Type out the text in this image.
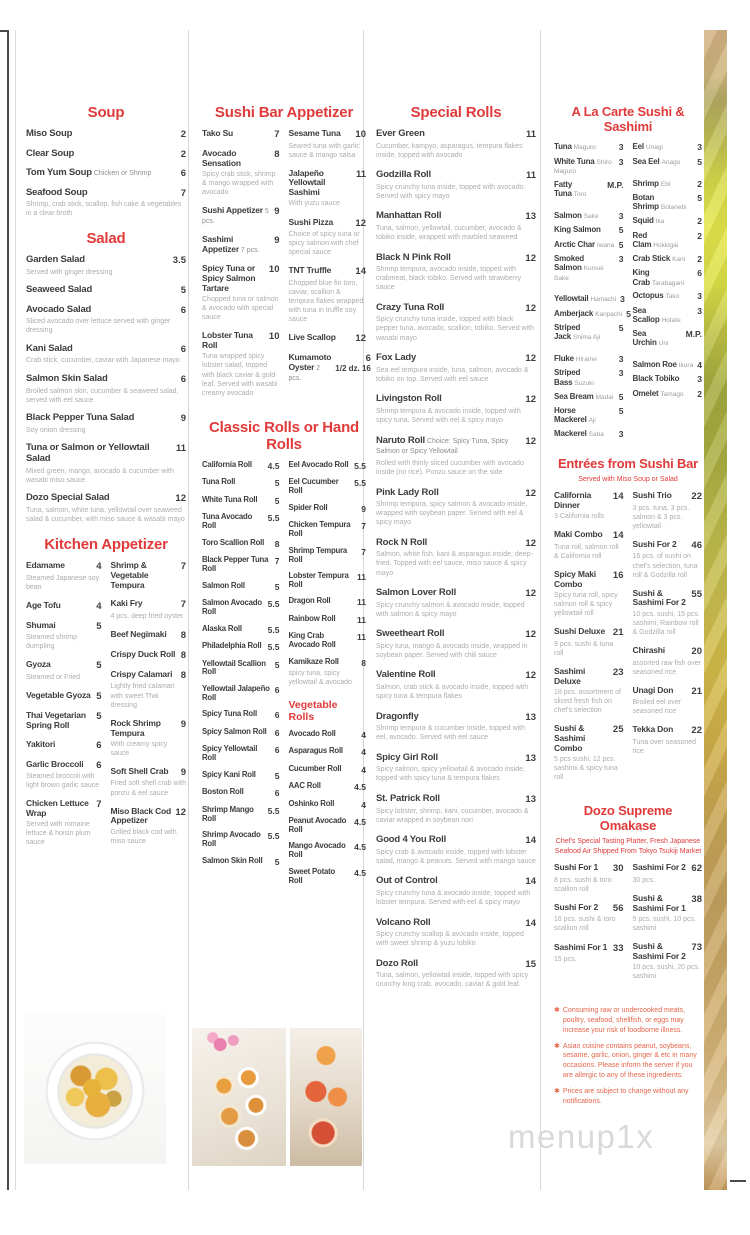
Soup
Miso Soup	2
Clear Soup	2
Tom Yum Soup Chicken or Shrimp	6
Seafood Soup	7
Shrimp, crab stick, scallop, fish cake & vegetables in a clear broth
Salad
Garden Salad	3.5
Served with ginger dressing
Seaweed Salad	5
Avocado Salad	6
Sliced avocado over lettuce served with ginger dressing
Kani Salad	6
Crab stick, cucumber, caviar with Japanese mayo
Salmon Skin Salad	6
Broiled salmon skin, cucumber & seaweed salad, served with eel sauce
Black Pepper Tuna Salad	9
Soy onion dressing
Tuna or Salmon or Yellowtail Salad
11
Mixed green, mango, avocado & cucumber with wasabi miso sauce
Dozo Special Salad	12
Tuna, salmon, white tuna, yellowtail over seaweed salad & cucumber, with miso sauce & wasabi mayo
Kitchen Appetizer
Edamame	4
Steamed Japanese soy bean
Age Tofu	4
Shumai	5
Steamed shrimp dumpling
Gyoza	5
Steamed or Fried
Vegetable Gyoza 5
Thai Vegetarian Spring Roll
5
Yakitori	6
Garlic Broccoli	6
Steamed broccoli with light brown garlic sauce
Chicken Lettuce Wrap
7
Served with romaine lettuce & hoisin plum sauce
Shrimp & Vegetable Tempura
7
Kaki Fry	7
4 pcs. deep fried oyster
Beef Negimaki	8
Crispy Duck Roll 8
Crispy Calamari 8
Lightly fried calamari with sweet Thai dressing
Rock Shrimp Tempura
9
With creamy spicy sauce
Soft Shell Crab	9
Fried soft shell crab with ponzu & eel sauce
Miso Black Cod Appetizer
12
Grilled black cod with miso sauce
Sushi Bar Appetizer
Tako Su	7
Avocado Sensation
8
Spicy crab stick, shrimp & mango wrapped with avocado
Sushi Appetizer 5 pcs.
9
Sashimi Appetizer 7 pcs.
9
Spicy Tuna or Spicy Salmon Tartare
10
Chopped tuna or salmon & avocado with special sauce
Lobster Tuna Roll
10
Tuna wrapped spicy lobster salad, topped with black caviar & gold leaf. Served with wasabi creamy avocado
Sesame Tuna	10
Seared tuna with garlic sauce & mango salsa
Jalapeño Yellowtail Sashimi
11
With yuzu sauce
Sushi Pizza	12
Choice of spicy tuna or spicy salmon with chef special sauce
TNT Truffle	14
Chopped blue fin toro, caviar, scallion & tempura flakes wrapped with tuna in truffle soy sauce
Live Scallop	12
Kumamoto Oyster 2 pcs.
6
1/2 dz. 16
Classic Rolls or Hand Rolls
California Roll	4.5
Tuna Roll	5
White Tuna Roll	5
Tuna Avocado Roll
5.5
Toro Scallion Roll	8
Black Pepper Tuna Roll
7
Salmon Roll	5
Salmon Avocado Roll
5.5
Alaska Roll	5.5
Philadelphia Roll 5.5
Yellowtail Scallion Roll
5
Yellowtail Jalapeño Roll
6
Spicy Tuna Roll	6
Spicy Salmon Roll 6
Spicy Yellowtail Roll
6
Spicy Kani Roll	5
Boston Roll	6
Shrimp Mango Roll
5.5
Shrimp Avocado Roll
5.5
Salmon Skin Roll	5
Eel Avocado Roll 5.5
Eel Cucumber Roll
5.5
Spider Roll	9
Chicken Tempura Roll
7
Shrimp Tempura Roll
7
Lobster Tempura Roll
11
Dragon Roll	11
Rainbow Roll	11
King Crab Avocado Roll
11
Kamikaze Roll	8
spicy tuna, spicy yellowtail & avocado
Vegetable Rolls
Avocado Roll	4
Asparagus Roll	4
Cucumber Roll	4
AAC Roll	4.5
Oshinko Roll	4
Peanut Avocado Roll
4.5
Mango Avocado Roll
4.5
Sweet Potato Roll
4.5
Special Rolls
Ever Green	11
Cucumber, kampyo, asparagus, tempura flakes inside, topped with avocado
Godzilla Roll	11
Spicy crunchy tuna inside, topped with avocado. Served with spicy mayo
Manhattan Roll	13
Tuna, salmon, yellowtail, cucumber, avocado & tobiko inside, wrapped with marbled seaweed
Black N Pink Roll	12
Shrimp tempura, avocado inside, topped with crabmeat, black tobiko. Served with strawberry sauce
Crazy Tuna Roll	12
Spicy crunchy tuna inside, topped with black pepper tuna, avocado, scallion, tobiko. Served with wasabi mayo
Fox Lady	12
Sea eel tempura inside, tuna, salmon, avocado & tobiko on top. Served with eel sauce
Livingston Roll	12
Shrimp tempura & avocado inside, topped with spicy tuna. Served with eel & spicy mayo
Naruto Roll Choice: Spicy Tuna, Spicy Salmon or Spicy Yellowtail
12
Rolled with thinly sliced cucumber with avocado inside (no rice). Ponzu sauce on the side
Pink Lady Roll	12
Shrimp tempura, spicy salmon & avocado inside, wrapped with soybean paper. Served with eel & spicy mayo
Rock N Roll	12
Salmon, white fish, kani & asparagus inside, deep-fried. Topped with eel sauce, miso sauce & spicy mayo
Salmon Lover Roll	12
Spicy crunchy salmon & avocado inside, topped with salmon & spicy mayo
Sweetheart Roll	12
Spicy tuna, mango & avocado inside, wrapped in soybean paper. Served with chili sauce
Valentine Roll	12
Salmon, crab stick & avocado inside, topped with spicy tuna & tempura flakes
Dragonfly	13
Shrimp tempura & cucumber inside, topped with eel, avocado. Served with eel sauce
Spicy Girl Roll	13
Spicy salmon, spicy yellowtail & avocado inside, topped with spicy tuna & tempura flakes
St. Patrick Roll	13
Spicy lobster, shrimp, kani, cucumber, avocado & caviar wrapped in soybean nori
Good 4 You Roll	14
Spicy crab & avocado inside, topped with lobster salad, mango & peanuts. Served with mango sauce
Out of Control	14
Spicy crunchy tuna & avocado inside, topped with lobster tempura. Served with eel & spicy mayo
Volcano Roll	14
Spicy crunchy scallop & avocado inside, topped with sweet shrimp & yuzu tobiko
Dozo Roll	15
Tuna, salmon, yellowtail inside, topped with spicy crunchy king crab, avocado, caviar & gold leaf.
A La Carte Sushi & Sashimi
Tuna Maguro	3
White Tuna Shiro Maguro
3
Fatty Tuna Toro
M.P.
Salmon Sake	3
King Salmon	5
Arctic Char Iwana 5
Smoked Salmon Kunsei Sake
3
Yellowtail Hamachi 3
Amberjack Kanpachi 5
Striped Jack Shima Aji
5
Fluke Hirame	3
Striped Bass Suzuki
3
Sea Bream Madai 5
Horse Mackerel Aji
5
Mackerel Saba	3
Eel Unagi	3
Sea Eel Anago	5
Shrimp Ebi	2
Botan Shrimp Botanebi
5
Squid Ika	2
Red Clam Hokkigai
2
Crab Stick Kani	2
King Crab Tarabagani
6
Octopus Tako	3
Sea Scallop Hotate
3
Sea Urchin Uni
M.P.
Salmon Roe Ikura 4
Black Tobiko	3
Omelet Tamago	2
Entrées from Sushi Bar
Served with Miso Soup or Salad
California Dinner
14
3 California rolls
Maki Combo	14
Tuna roll, salmon roll & California roll
Spicy Maki Combo
16
Spicy tuna roll, spicy salmon roll & spicy yellowtail roll
Sushi Deluxe 21
9 pcs. sushi & tuna roll
Sashimi Deluxe
23
18 pcs. assortment of sliced fresh fish on chef's selection
Sushi & Sashimi Combo
25
5 pcs sushi, 12 pcs. sashimi & spicy tuna roll
Sushi Trio	22
3 pcs. tuna, 3 pcs. salmon & 3 pcs. yellowtail
Sushi For 2	46
16 pcs. of sushi on chef's selection, tuna roll & Godzilla roll
Sushi & Sashimi For 2
55
10 pcs. sushi, 15 pcs. sashimi, Rainbow roll & Godzilla roll
Chirashi	20
assorted raw fish over seasoned rice
Unagi Don	21
Broiled eel over seasoned rice
Tekka Don	22
Tuna over seasoned rice
Dozo Supreme Omakase
Chef's Special Tasting Platter, Fresh Japanese Seafood Air Shipped From Tokyo Tsukiji Market
Sushi For 1	30
8 pcs. sushi & toro scallion roll
Sushi For 2	56
16 pcs. sushi & toro scallion roll
Sashimi For 1 33
15 pcs.
Sashimi For 2 62
30 pcs.
Sushi & Sashimi For 1
38
5 pcs. sushi, 10 pcs. sashimi
Sushi & Sashimi For 2
73
10 pcs. sushi, 20 pcs. sashimi
✱ Consuming raw or undercooked meats, poultry, seafood, shellfish, or eggs may increase your risk of foodborne illness.
✱ Asian cuisine contains peanut, soybeans, sesame, garlic, onion, ginger & etc in many occasions. Please inform the server if you are allergic to any of these ingredients.
✱ Prices are subject to change without any notifications.
menup1x
